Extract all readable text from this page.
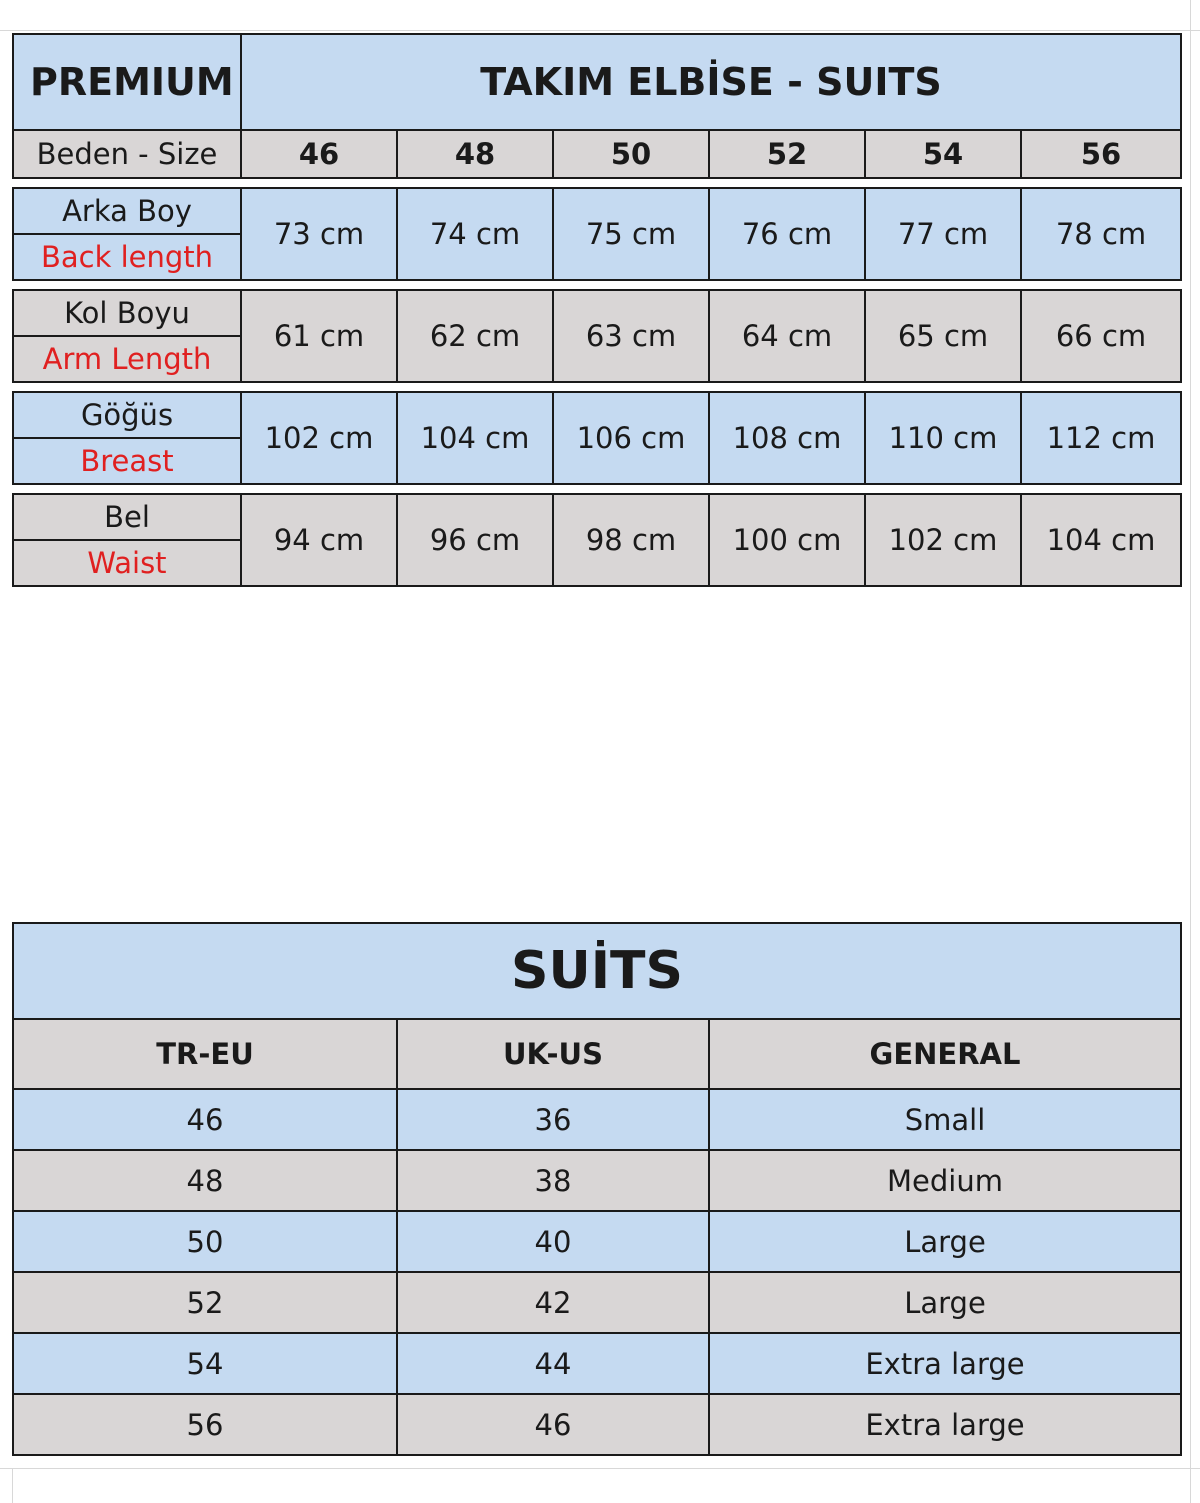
PREMIUM	TAKIM ELBİSE - SUITS					
Beden - Size	46	48	50	52	54	56

Arka Boy	73 cm	74 cm	75 cm	76 cm	77 cm	78 cm
Back length						

Kol Boyu	61 cm	62 cm	63 cm	64 cm	65 cm	66 cm
Arm Length						

Göğüs	102 cm	104 cm	106 cm	108 cm	110 cm	112 cm
Breast						

Bel	94 cm	96 cm	98 cm	100 cm	102 cm	104 cm
Waist						
SUİTS		
TR-EU	UK-US	GENERAL
46	36	Small
48	38	Medium
50	40	Large
52	42	Large
54	44	Extra large
56	46	Extra large
